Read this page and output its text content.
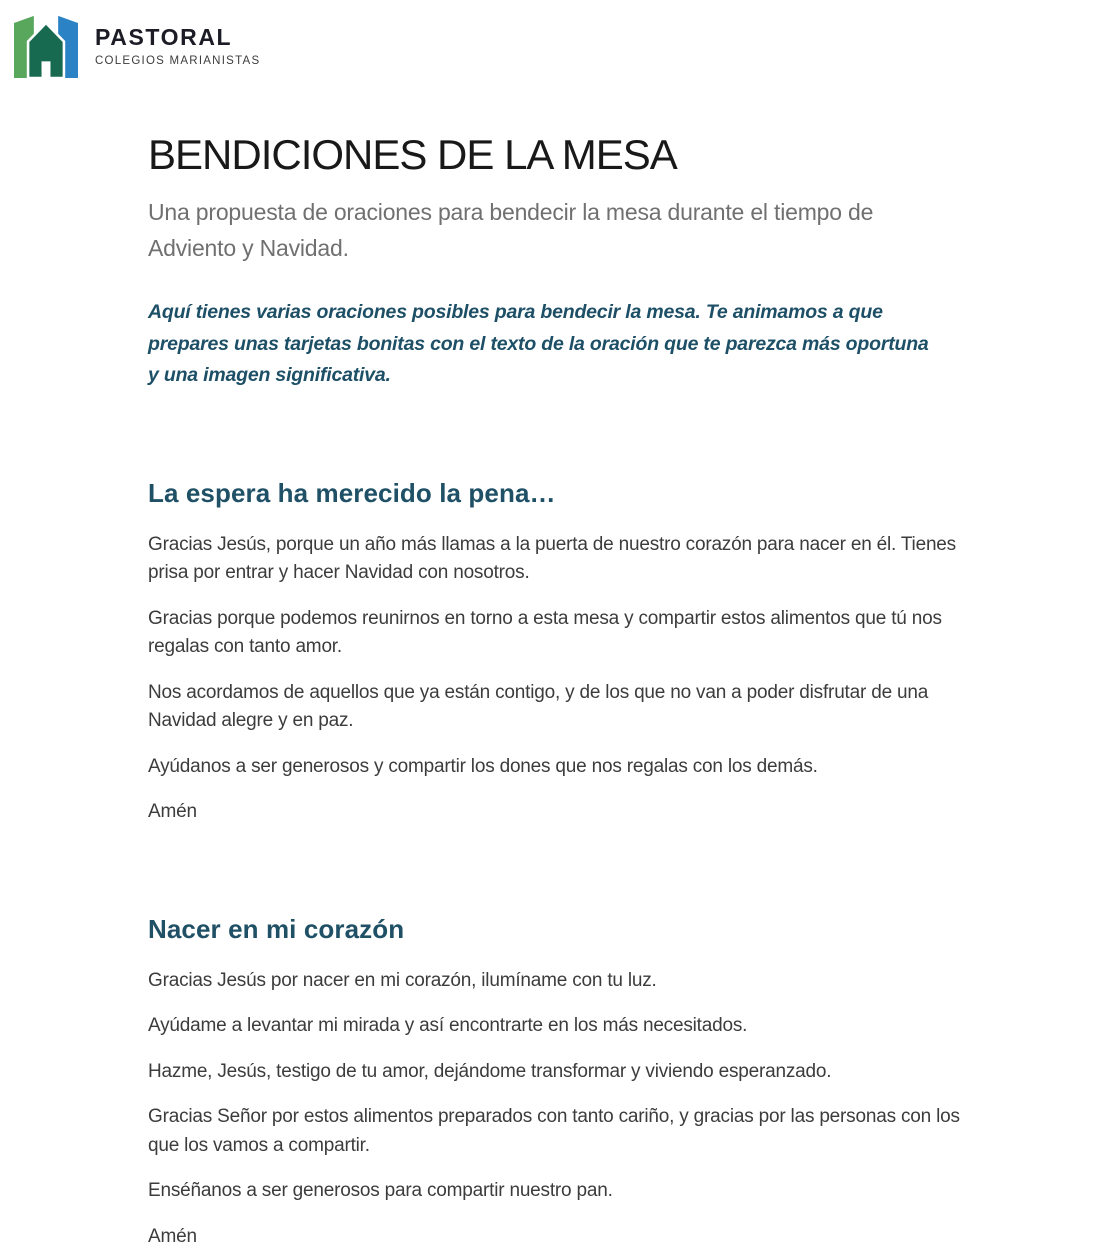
PASTORAL
COLEGIOS MARIANISTAS
BENDICIONES DE LA MESA
Una propuesta de oraciones para bendecir la mesa durante el tiempo de Adviento y Navidad.
Aquí tienes varias oraciones posibles para bendecir la mesa. Te animamos a que prepares unas tarjetas bonitas con el texto de la oración que te parezca más oportuna y una imagen significativa.
La espera ha merecido la pena…

Gracias Jesús, porque un año más llamas a la puerta de nuestro corazón para nacer en él. Tienes prisa por entrar y hacer Navidad con nosotros.

Gracias porque podemos reunirnos en torno a esta mesa y compartir estos alimentos que tú nos regalas con tanto amor.

Nos acordamos de aquellos que ya están contigo, y de los que no van a poder disfrutar de una Navidad alegre y en paz.

Ayúdanos a ser generosos y compartir los dones que nos regalas con los demás.

Amén

Nacer en mi corazón

Gracias Jesús por nacer en mi corazón, ilumíname con tu luz.

Ayúdame a levantar mi mirada y así encontrarte en los más necesitados.

Hazme, Jesús, testigo de tu amor, dejándome transformar y viviendo esperanzado.

Gracias Señor por estos alimentos preparados con tanto cariño, y gracias por las personas con los que los vamos a compartir.

Enséñanos a ser generosos para compartir nuestro pan.

Amén
